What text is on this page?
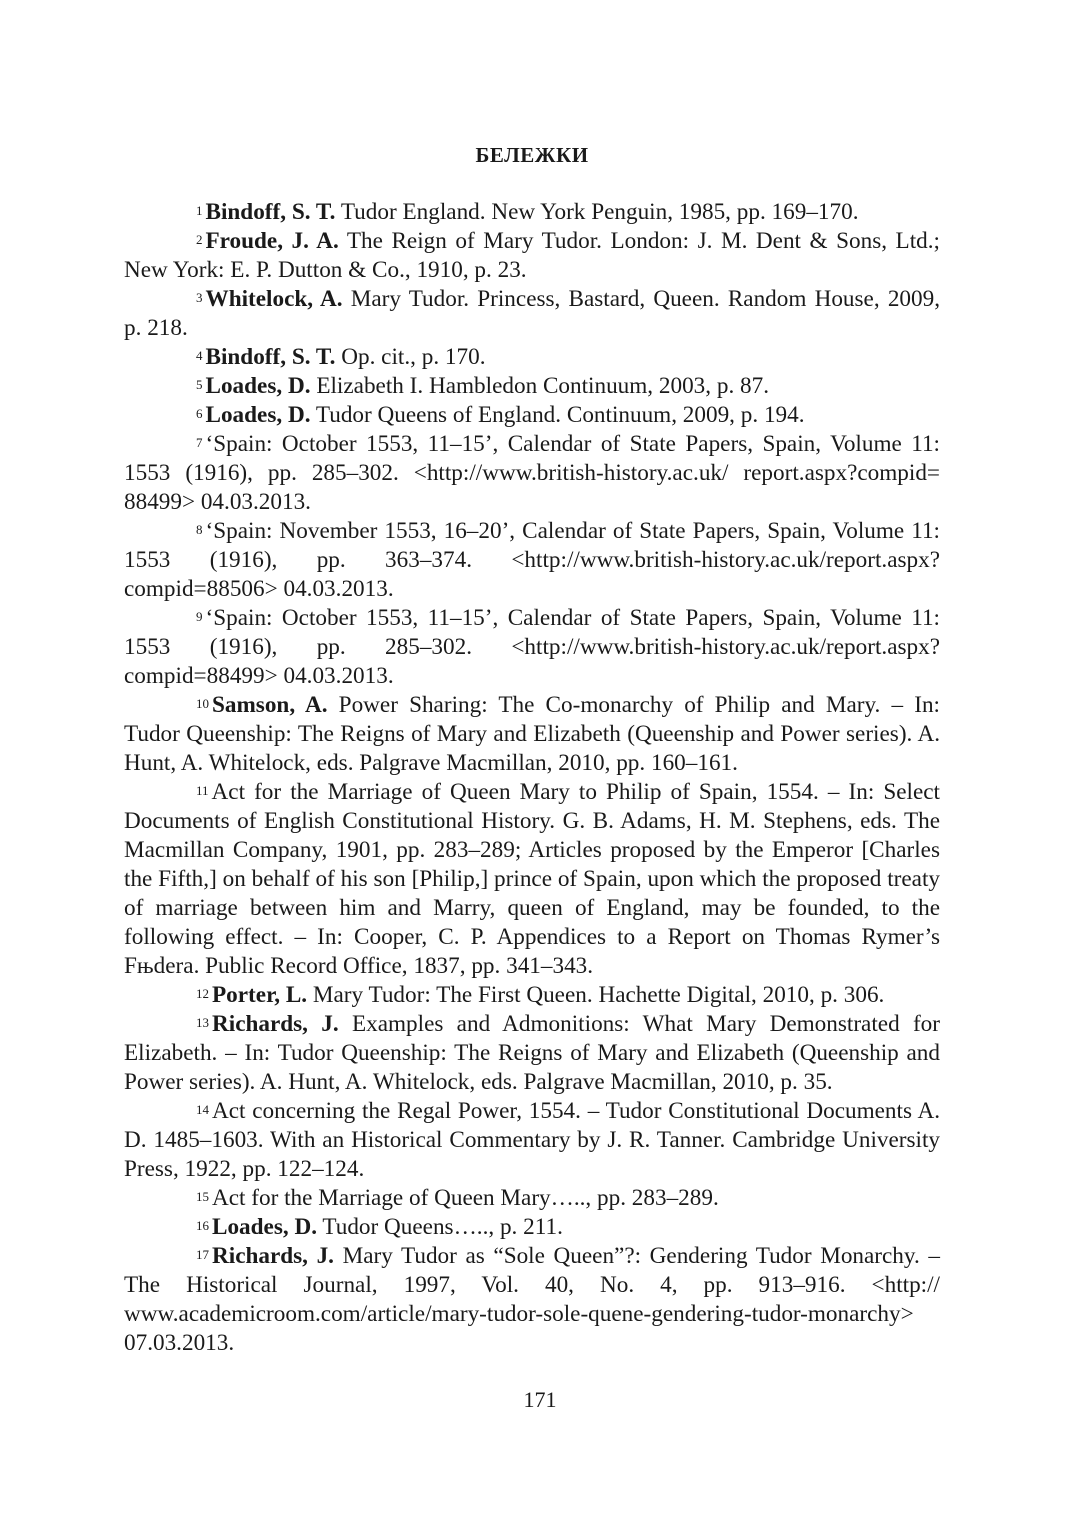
БЕЛЕЖКИ

$^1$ Bindoff, S. T. Tudor England. New York Penguin, 1985, pp. 169–170.

$^2$ Froude, J. A. The Reign of Mary Tudor. London: J. M. Dent & Sons, Ltd.; New York: E. P. Dutton & Co., 1910, p. 23.

$^3$ Whitelock, A. Mary Tudor. Princess, Bastard, Queen. Random House, 2009, p. 218.

$^4$ Bindoff, S. T. Op. cit., p. 170.

$^5$ Loades, D. Elizabeth I. Hambledon Continuum, 2003, p. 87.

$^6$ Loades, D. Tudor Queens of England. Continuum, 2009, p. 194.

$^7$ ‘Spain: October 1553, 11–15’, Calendar of State Papers, Spain, Volume 11: 1553 (1916), pp. 285–302. <http://www.british-history.ac.uk/ report.aspx?compid= 88499> 04.03.2013.

$^8$ ‘Spain: November 1553, 16–20’, Calendar of State Papers, Spain, Volume 11: 1553 (1916), pp. 363–374. <http://www.british-history.ac.uk/report.aspx? compid=88506> 04.03.2013.

$^9$ ‘Spain: October 1553, 11–15’, Calendar of State Papers, Spain, Volume 11: 1553 (1916), pp. 285–302. <http://www.british-history.ac.uk/report.aspx? compid=88499> 04.03.2013.

$^{10}$ Samson, A. Power Sharing: The Co-monarchy of Philip and Mary. – In: Tudor Queenship: The Reigns of Mary and Elizabeth (Queenship and Power series). A. Hunt, A. Whitelock, eds. Palgrave Macmillan, 2010, pp. 160–161.

$^{11}$ Act for the Marriage of Queen Mary to Philip of Spain, 1554. – In: Select Documents of English Constitutional History. G. B. Adams, H. M. Stephens, eds. The Macmillan Company, 1901, pp. 283–289; Articles proposed by the Emperor [Charles the Fifth,] on behalf of his son [Philip,] prince of Spain, upon which the proposed treaty of marriage between him and Marry, queen of England, may be founded, to the following effect. – In: Cooper, C. P. Appendices to a Report on Thomas Rymer’s Fњdera. Public Record Office, 1837, pp. 341–343.

$^{12}$ Porter, L. Mary Tudor: The First Queen. Hachette Digital, 2010, p. 306.

$^{13}$ Richards, J. Examples and Admonitions: What Mary Demonstrated for Elizabeth. – In: Tudor Queenship: The Reigns of Mary and Elizabeth (Queenship and Power series). A. Hunt, A. Whitelock, eds. Palgrave Macmillan, 2010, p. 35.

$^{14}$ Act concerning the Regal Power, 1554. – Tudor Constitutional Documents A. D. 1485–1603. With an Historical Commentary by J. R. Tanner. Cambridge University Press, 1922, pp. 122–124.

$^{15}$ Act for the Marriage of Queen Mary….., pp. 283–289.

$^{16}$ Loades, D. Tudor Queens….., p. 211.

$^{17}$ Richards, J. Mary Tudor as “Sole Queen”?: Gendering Tudor Monarchy. – The Historical Journal, 1997, Vol. 40, No. 4, pp. 913–916. <http:// www.academicroom.com/article/mary-tudor-sole-quene-gendering-tudor-monarchy> 07.03.2013.

171
